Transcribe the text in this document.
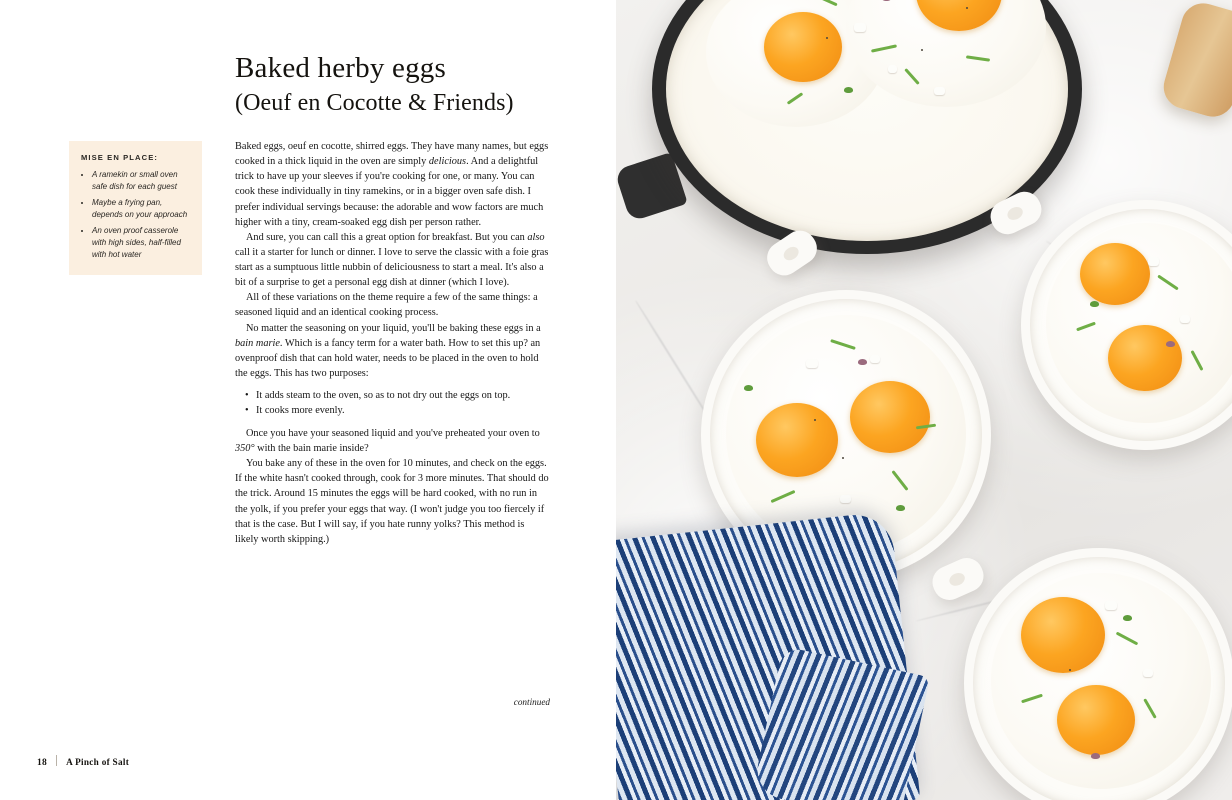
Baked herby eggs
(Oeuf en Cocotte & Friends)
MISE EN PLACE:
• A ramekin or small oven safe dish for each guest
• Maybe a frying pan, depends on your approach
• An oven proof casserole with high sides, half-filled with hot water

Baked eggs, oeuf en cocotte, shirred eggs. They have many names, but eggs cooked in a thick liquid in the oven are simply delicious. And a delightful trick to have up your sleeves if you're cooking for one, or many. You can cook these individually in tiny ramekins, or in a bigger oven safe dish. I prefer individual servings because: the adorable and wow factors are much higher with a tiny, cream-soaked egg dish per person rather.

And sure, you can call this a great option for breakfast. But you can also call it a starter for lunch or dinner. I love to serve the classic with a foie gras start as a sumptuous little nubbin of deliciousness to start a meal. It's also a bit of a surprise to get a personal egg dish at dinner (which I love).

All of these variations on the theme require a few of the same things: a seasoned liquid and an identical cooking process.

No matter the seasoning on your liquid, you'll be baking these eggs in a bain marie. Which is a fancy term for a water bath. How to set this up? an ovenproof dish that can hold water, needs to be placed in the oven to hold the eggs. This has two purposes:

• It adds steam to the oven, so as to not dry out the eggs on top.
• It cooks more evenly.

Once you have your seasoned liquid and you've preheated your oven to 350° with the bain marie inside?

You bake any of these in the oven for 10 minutes, and check on the eggs. If the white hasn't cooked through, cook for 3 more minutes. That should do the trick. Around 15 minutes the eggs will be hard cooked, with no run in the yolk, if you prefer your eggs that way. (I won't judge you too fiercely if that is the case. But I will say, if you hate runny yolks? This method is likely worth skipping.)

continued
18 A Pinch of Salt
